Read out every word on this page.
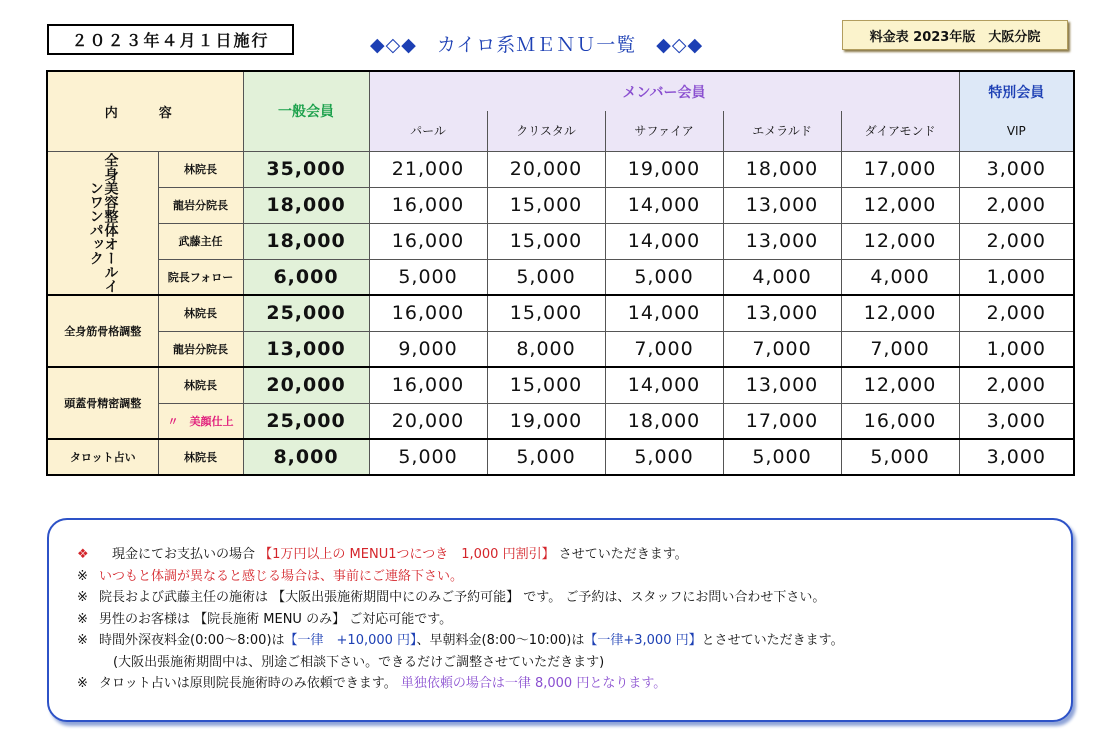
２０２３年４月１日施行	◆◇◆　カイロ系ＭＥＮＵ一覧　◆◇◆	料金表 2023年版　大阪分院
内　容		一般会員	メンバー会員					特別会員
			パール	クリスタル	サファイア	エメラルド	ダイアモンド	VIP

全身美容整体オールインワンパック	林院長	35,000	21,000	20,000	19,000	18,000	17,000	3,000
	龍岩分院長	18,000	16,000	15,000	14,000	13,000	12,000	2,000
	武藤主任	18,000	16,000	15,000	14,000	13,000	12,000	2,000
	院長フォロー	6,000	5,000	5,000	5,000	4,000	4,000	1,000
全身筋骨格調整	林院長	25,000	16,000	15,000	14,000	13,000	12,000	2,000
	龍岩分院長	13,000	9,000	8,000	7,000	7,000	7,000	1,000
頭蓋骨精密調整	林院長	20,000	16,000	15,000	14,000	13,000	12,000	2,000
	〃　美顔仕上	25,000	20,000	19,000	18,000	17,000	16,000	3,000
タロット占い	林院長	8,000	5,000	5,000	5,000	5,000	5,000	3,000
❖　現金にてお支払いの場合 【1万円以上の MENU1つにつき　1,000 円割引】 させていただきます。
※ いつもと体調が異なると感じる場合は、事前にご連絡下さい。
※ 院長および武藤主任の施術は 【大阪出張施術期間中にのみご予約可能】 です。 ご予約は、スタッフにお問い合わせ下さい。
※ 男性のお客様は 【院長施術 MENU のみ】 ご対応可能です。
※ 時間外深夜料金(0:00～8:00)は【一律　+10,000 円】、早朝料金(8:00～10:00)は【一律+3,000 円】とさせていただきます。
(大阪出張施術期間中は、別途ご相談下さい。できるだけご調整させていただきます)
※ タロット占いは原則院長施術時のみ依頼できます。 単独依頼の場合は一律 8,000 円となります。
